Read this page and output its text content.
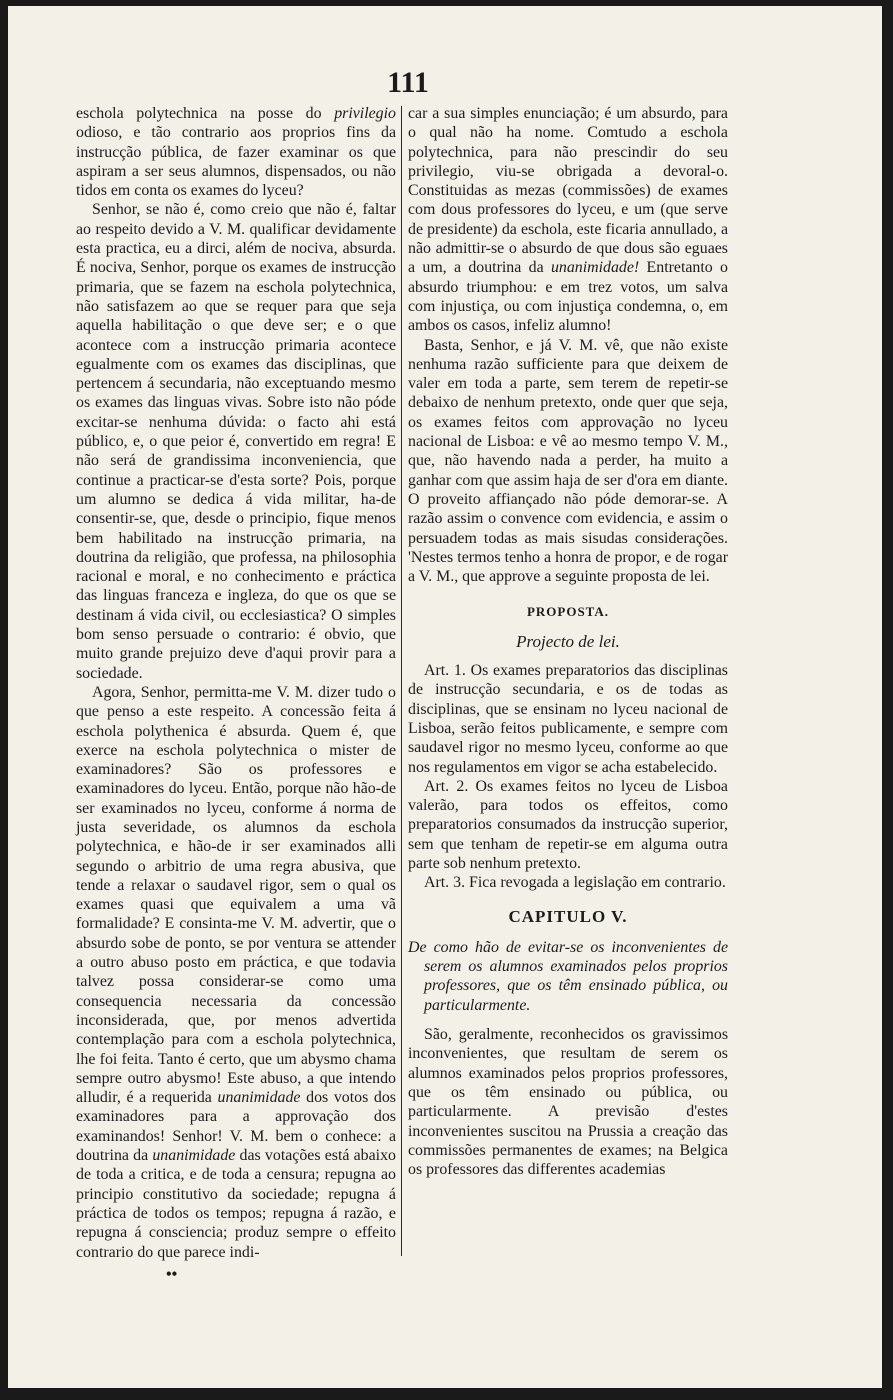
111

eschola polytechnica na posse do privilegio odioso, e tão contrario aos proprios fins da instrucção pública, de fazer examinar os que aspiram a ser seus alumnos, dispensados, ou não tidos em conta os exames do lyceu?

Senhor, se não é, como creio que não é, faltar ao respeito devido a V. M. qualificar devidamente esta practica, eu a dirci, além de nociva, absurda. É nociva, Senhor, porque os exames de instrucção primaria, que se fazem na eschola polytechnica, não satisfazem ao que se requer para que seja aquella habilitação o que deve ser; e o que acontece com a instrucção primaria acontece egualmente com os exames das disciplinas, que pertencem á secundaria, não exceptuando mesmo os exames das linguas vivas. Sobre isto não póde excitar-se nenhuma dúvida: o facto ahi está público, e, o que peior é, convertido em regra! E não será de grandissima inconveniencia, que continue a practicar-se d'esta sorte? Pois, porque um alumno se dedica á vida militar, ha-de consentir-se, que, desde o principio, fique menos bem habilitado na instrucção primaria, na doutrina da religião, que professa, na philosophia racional e moral, e no conhecimento e práctica das linguas franceza e ingleza, do que os que se destinam á vida civil, ou ecclesiastica? O simples bom senso persuade o contrario: é obvio, que muito grande prejuizo deve d'aqui provir para a sociedade.

Agora, Senhor, permitta-me V. M. dizer tudo o que penso a este respeito. A concessão feita á eschola polythenica é absurda. Quem é, que exerce na eschola polytechnica o mister de examinadores? São os professores e examinadores do lyceu. Então, porque não hão-de ser examinados no lyceu, conforme á norma de justa severidade, os alumnos da eschola polytechnica, e hão-de ir ser examinados alli segundo o arbitrio de uma regra abusiva, que tende a relaxar o saudavel rigor, sem o qual os exames quasi que equivalem a uma vã formalidade? E consinta-me V. M. advertir, que o absurdo sobe de ponto, se por ventura se attender a outro abuso posto em práctica, e que todavia talvez possa considerar-se como uma consequencia necessaria da concessão inconsiderada, que, por menos advertida contemplação para com a eschola polytechnica, lhe foi feita. Tanto é certo, que um abysmo chama sempre outro abysmo! Este abuso, a que intendo alludir, é a requerida unanimidade dos votos dos examinadores para a approvação dos examinandos! Senhor! V. M. bem o conhece: a doutrina da unanimidade das votações está abaixo de toda a critica, e de toda a censura; repugna ao principio constitutivo da sociedade; repugna á práctica de todos os tempos; repugna á razão, e repugna á consciencia; produz sempre o effeito contrario do que parece indi-

car a sua simples enunciação; é um absurdo, para o qual não ha nome. Comtudo a eschola polytechnica, para não prescindir do seu privilegio, viu-se obrigada a devoral-o. Constituidas as mezas (commissões) de exames com dous professores do lyceu, e um (que serve de presidente) da eschola, este ficaria annullado, a não admittir-se o absurdo de que dous são eguaes a um, a doutrina da unanimidade! Entretanto o absurdo triumphou: e em trez votos, um salva com injustiça, ou com injustiça condemna, o, em ambos os casos, infeliz alumno!

Basta, Senhor, e já V. M. vê, que não existe nenhuma razão sufficiente para que deixem de valer em toda a parte, sem terem de repetir-se debaixo de nenhum pretexto, onde quer que seja, os exames feitos com approvação no lyceu nacional de Lisboa: e vê ao mesmo tempo V. M., que, não havendo nada a perder, ha muito a ganhar com que assim haja de ser d'ora em diante. O proveito affiançado não póde demorar-se. A razão assim o convence com evidencia, e assim o persuadem todas as mais sisudas considerações. 'Nestes termos tenho a honra de propor, e de rogar a V. M., que approve a seguinte proposta de lei.

PROPOSTA.

Projecto de lei.

Art. 1. Os exames preparatorios das disciplinas de instrucção secundaria, e os de todas as disciplinas, que se ensinam no lyceu nacional de Lisboa, serão feitos publicamente, e sempre com saudavel rigor no mesmo lyceu, conforme ao que nos regulamentos em vigor se acha estabelecido.

Art. 2. Os exames feitos no lyceu de Lisboa valerão, para todos os effeitos, como preparatorios consumados da instrucção superior, sem que tenham de repetir-se em alguma outra parte sob nenhum pretexto.

Art. 3. Fica revogada a legislação em contrario.

CAPITULO V.

De como hão de evitar-se os inconvenientes de serem os alumnos examinados pelos proprios professores, que os têm ensinado pública, ou particularmente.

São, geralmente, reconhecidos os gravissimos inconvenientes, que resultam de serem os alumnos examinados pelos proprios professores, que os têm ensinado ou pública, ou particularmente. A previsão d'estes inconvenientes suscitou na Prussia a creação das commissões permanentes de exames; na Belgica os professores das differentes academias

••
